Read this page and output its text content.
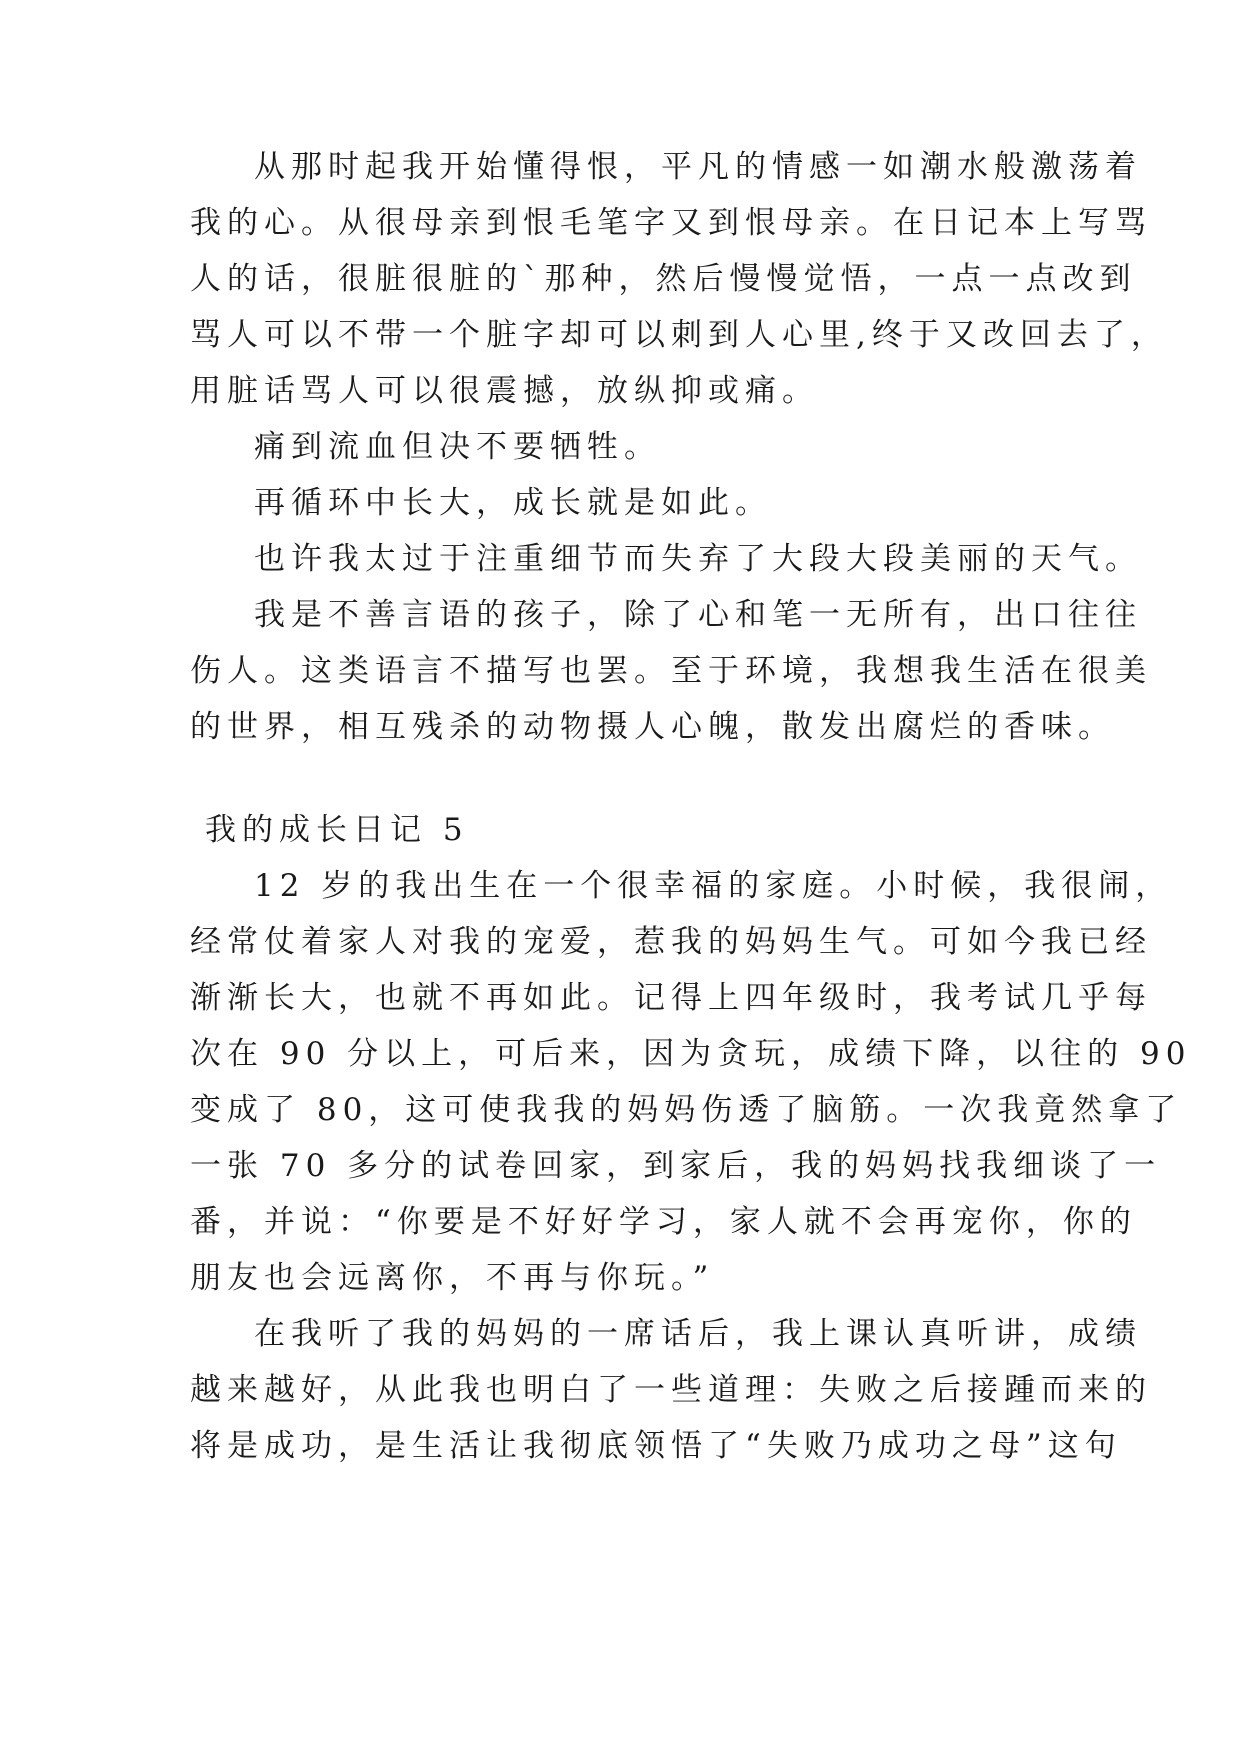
从那时起我开始懂得恨，平凡的情感一如潮水般激荡着
我的心。从很母亲到恨毛笔字又到恨母亲。在日记本上写骂
人的话，很脏很脏的`那种，然后慢慢觉悟，一点一点改到
骂人可以不带一个脏字却可以刺到人心里,终于又改回去了，
用脏话骂人可以很震撼，放纵抑或痛。
痛到流血但决不要牺牲。
再循环中长大，成长就是如此。
也许我太过于注重细节而失弃了大段大段美丽的天气。
我是不善言语的孩子，除了心和笔一无所有，出口往往
伤人。这类语言不描写也罢。至于环境，我想我生活在很美
的世界，相互残杀的动物摄人心魄，散发出腐烂的香味。
我的成长日记 5
12 岁的我出生在一个很幸福的家庭。小时候，我很闹，
经常仗着家人对我的宠爱，惹我的妈妈生气。可如今我已经
渐渐长大，也就不再如此。记得上四年级时，我考试几乎每
次在 90 分以上，可后来，因为贪玩，成绩下降，以往的 90
变成了 80，这可使我我的妈妈伤透了脑筋。一次我竟然拿了
一张 70 多分的试卷回家，到家后，我的妈妈找我细谈了一
番，并说：“你要是不好好学习，家人就不会再宠你，你的
朋友也会远离你，不再与你玩。”
在我听了我的妈妈的一席话后，我上课认真听讲，成绩
越来越好，从此我也明白了一些道理：失败之后接踵而来的
将是成功，是生活让我彻底领悟了“失败乃成功之母”这句
